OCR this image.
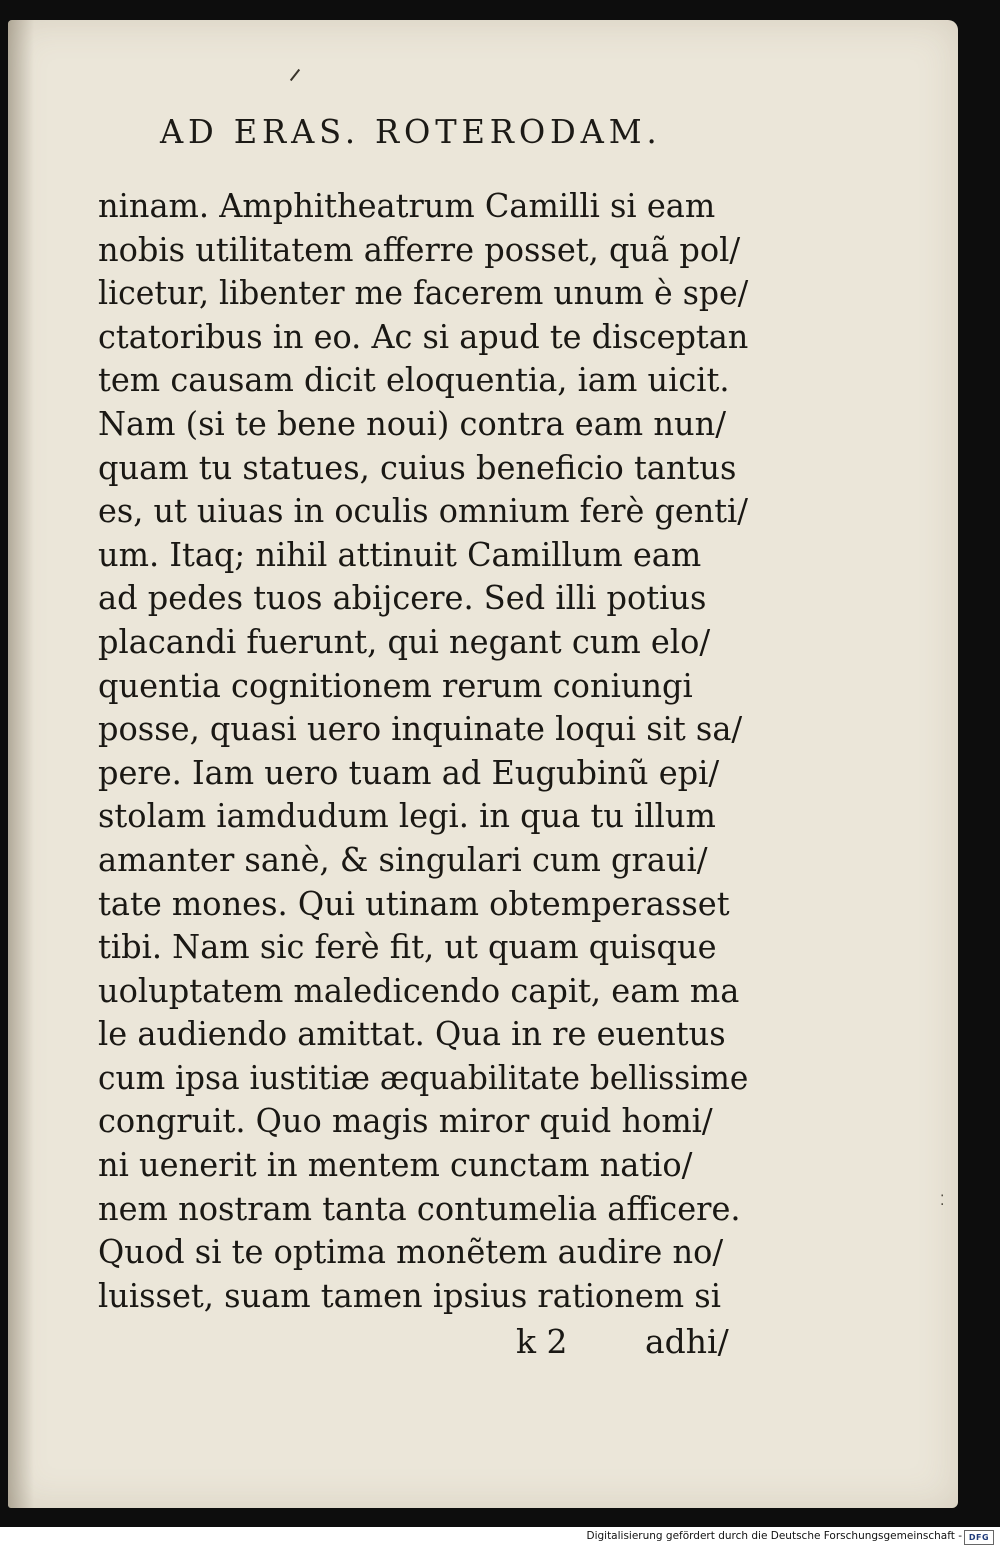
AD ERAS. ROTERODAM.
ninam. Amphitheatrum Camilli si eam
nobis utilitatem afferre posset, quã pol/
licetur, libenter me facerem unum è spe/
ctatoribus in eo. Ac si apud te disceptan
tem causam dicit eloquentia, iam uicit.
Nam (si te bene noui) contra eam nun/
quam tu statues, cuius beneficio tantus
es, ut uiuas in oculis omnium ferè genti/
um. Itaq; nihil attinuit Camillum eam
ad pedes tuos abijcere. Sed illi potius
placandi fuerunt, qui negant cum elo/
quentia cognitionem rerum coniungi
posse, quasi uero inquinate loqui sit sa/
pere. Iam uero tuam ad Eugubinũ epi/
stolam iamdudum legi. in qua tu illum
amanter sanè, & singulari cum graui/
tate mones. Qui utinam obtemperasset
tibi. Nam sic ferè fit, ut quam quisque
uoluptatem maledicendo capit, eam ma
le audiendo amittat. Qua in re euentus
cum ipsa iustitiæ æquabilitate bellissime
congruit. Quo magis miror quid homi/
ni uenerit in mentem cunctam natio/
nem nostram tanta contumelia afficere.
Quod si te optima monẽtem audire no/
luisset, suam tamen ipsius rationem si
k 2 adhi/
⁚
Digitalisierung gefördert durch die Deutsche Forschungsgemeinschaft - DFG
